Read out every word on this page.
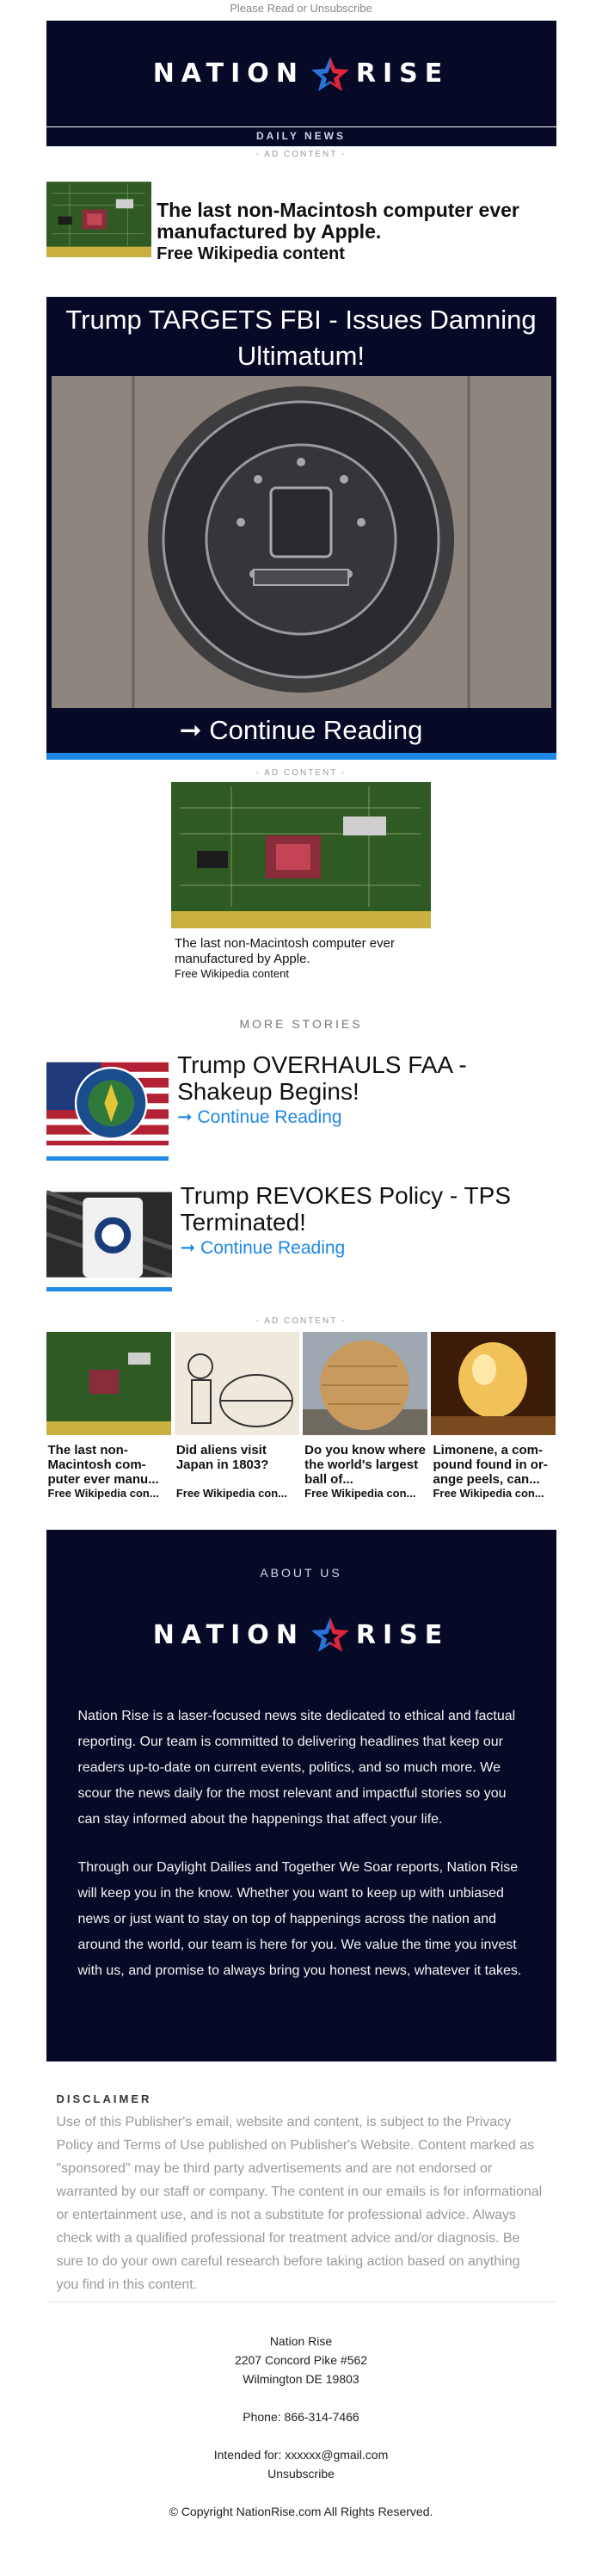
Please Read or Unsubscribe
NATION RISE
DAILY NEWS
- AD CONTENT -
The last non-Macintosh computer ever manufactured by Apple.
Free Wikipedia content
Trump TARGETS FBI - Issues Damning Ultimatum!
➞ Continue Reading
- AD CONTENT -
The last non-Macintosh computer ever manufactured by Apple.
Free Wikipedia content
MORE STORIES
Trump OVERHAULS FAA - Shakeup Begins!
➞ Continue Reading
Trump REVOKES Policy - TPS Terminated!
➞ Continue Reading
- AD CONTENT -
The last non-Macintosh com-puter ever manu...
Free Wikipedia con...
Did aliens visit Japan in 1803?
Free Wikipedia con...
Do you know where the world's largest ball of...
Free Wikipedia con...
Limonene, a com-pound found in or-ange peels, can...
Free Wikipedia con...
ABOUT US
NATION RISE

Nation Rise is a laser-focused news site dedicated to ethical and factual reporting. Our team is committed to delivering headlines that keep our readers up-to-date on current events, politics, and so much more. We scour the news daily for the most relevant and impactful stories so you can stay informed about the happenings that affect your life.

Through our Daylight Dailies and Together We Soar reports, Nation Rise will keep you in the know. Whether you want to keep up with unbiased news or just want to stay on top of happenings across the nation and around the world, our team is here for you. We value the time you invest with us, and promise to always bring you honest news, whatever it takes.

DISCLAIMER
Use of this Publisher's email, website and content, is subject to the Privacy Policy and Terms of Use published on Publisher's Website. Content marked as "sponsored" may be third party advertisements and are not endorsed or warranted by our staff or company. The content in our emails is for informational or entertainment use, and is not a substitute for professional advice. Always check with a qualified professional for treatment advice and/or diagnosis. Be sure to do your own careful research before taking action based on anything you find in this content.
Nation Rise
2207 Concord Pike #562
Wilmington DE 19803
Phone: 866-314-7466
Intended for: xxxxxx@gmail.com
Unsubscribe
© Copyright NationRise.com All Rights Reserved.
